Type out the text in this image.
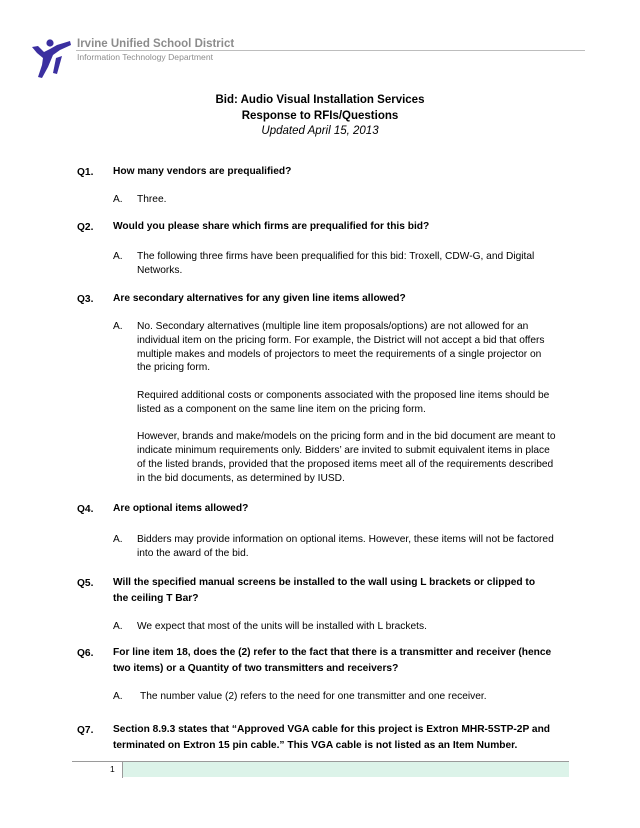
Irvine Unified School District
Information Technology Department
Bid: Audio Visual Installation Services
Response to RFIs/Questions
Updated April 15, 2013
Q1. How many vendors are prequalified?
A. Three.

Q2. Would you please share which firms are prequalified for this bid?
A. The following three firms have been prequalified for this bid: Troxell, CDW-G, and Digital Networks.

Q3. Are secondary alternatives for any given line items allowed?
A. No. Secondary alternatives (multiple line item proposals/options) are not allowed for an individual item on the pricing form. For example, the District will not accept a bid that offers multiple makes and models of projectors to meet the requirements of a single projector on the pricing form.

Required additional costs or components associated with the proposed line items should be listed as a component on the same line item on the pricing form.

However, brands and make/models on the pricing form and in the bid document are meant to indicate minimum requirements only. Bidders’ are invited to submit equivalent items in place of the listed brands, provided that the proposed items meet all of the requirements described in the bid documents, as determined by IUSD.

Q4. Are optional items allowed?
A. Bidders may provide information on optional items. However, these items will not be factored into the award of the bid.

Q5. Will the specified manual screens be installed to the wall using L brackets or clipped to the ceiling T Bar?
A. We expect that most of the units will be installed with L brackets.

Q6. For line item 18, does the (2) refer to the fact that there is a transmitter and receiver (hence two items) or a Quantity of two transmitters and receivers?
A. The number value (2) refers to the need for one transmitter and one receiver.

Q7. Section 8.9.3 states that “Approved VGA cable for this project is Extron MHR-5STP-2P and terminated on Extron 15 pin cable.” This VGA cable is not listed as an Item Number.
1
